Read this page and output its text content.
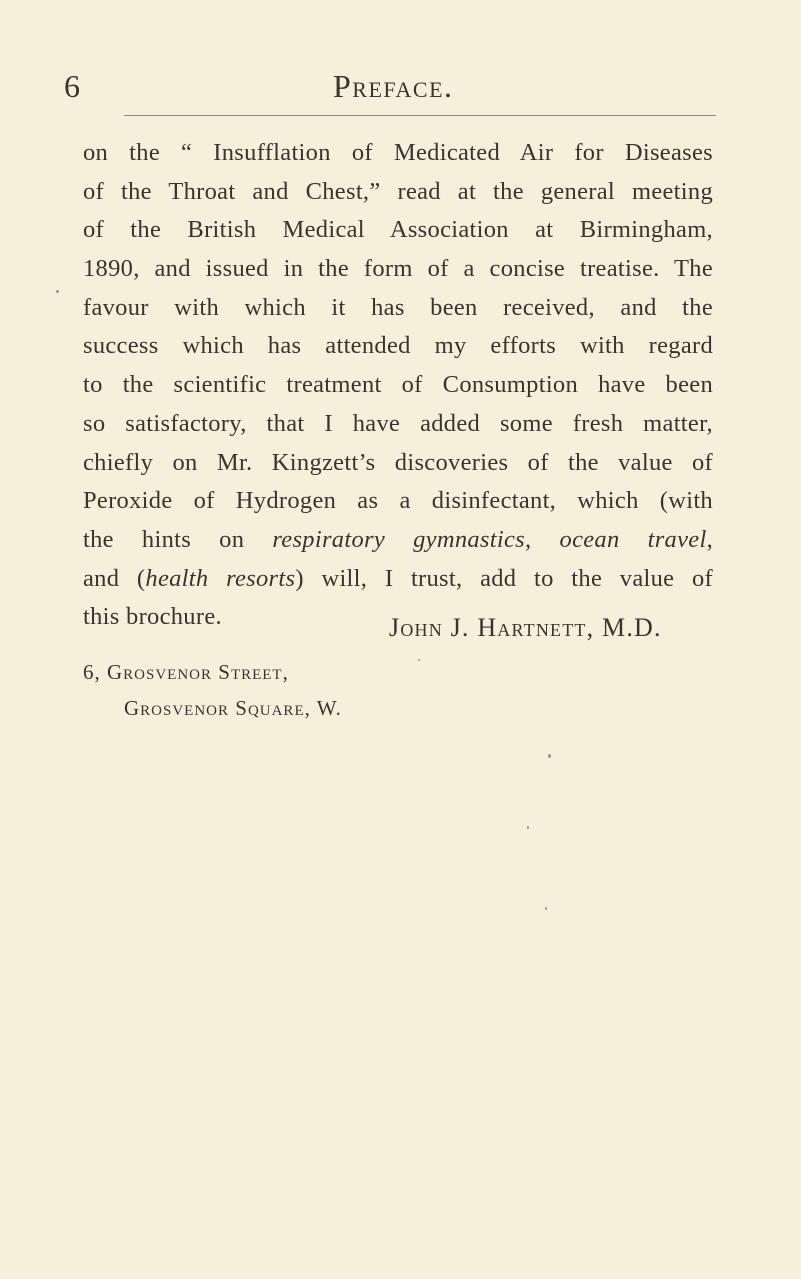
6	Preface.
on the “ Insufflation of Medicated Air for Diseases
of the Throat and Chest,” read at the general meeting
of the British Medical Association at Birmingham,
1890, and issued in the form of a concise treatise. The
favour with which it has been received, and the
success which has attended my efforts with regard
to the scientific treatment of Consumption have been
so satisfactory, that I have added some fresh matter,
chiefly on Mr. Kingzett’s discoveries of the value of
Peroxide of Hydrogen as a disinfectant, which (with
the hints on respiratory gymnastics, ocean travel,
and (health resorts) will, I trust, add to the value of
this brochure.	John J. Hartnett, M.D.
6, Grosvenor Street,
Grosvenor Square, W.
